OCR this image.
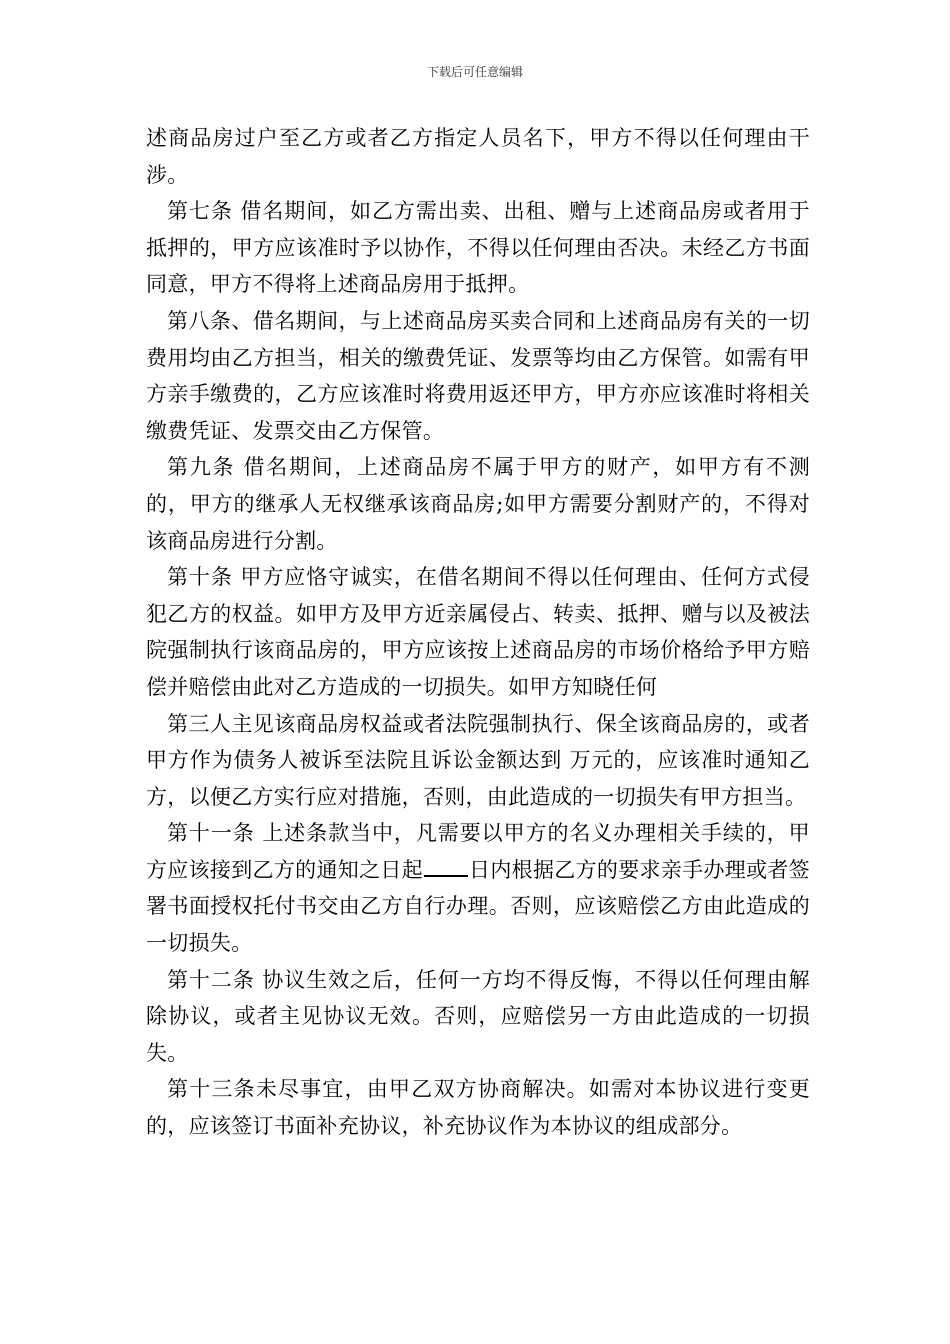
下载后可任意编辑

述商品房过户至乙方或者乙方指定人员名下，甲方不得以任何理由干涉。

第七条 借名期间，如乙方需出卖、出租、赠与上述商品房或者用于抵押的，甲方应该准时予以协作，不得以任何理由否决。未经乙方书面同意，甲方不得将上述商品房用于抵押。

第八条、借名期间，与上述商品房买卖合同和上述商品房有关的一切费用均由乙方担当，相关的缴费凭证、发票等均由乙方保管。如需有甲方亲手缴费的，乙方应该准时将费用返还甲方，甲方亦应该准时将相关缴费凭证、发票交由乙方保管。

第九条 借名期间，上述商品房不属于甲方的财产，如甲方有不测的，甲方的继承人无权继承该商品房;如甲方需要分割财产的，不得对该商品房进行分割。

第十条 甲方应恪守诚实，在借名期间不得以任何理由、任何方式侵犯乙方的权益。如甲方及甲方近亲属侵占、转卖、抵押、赠与以及被法院强制执行该商品房的，甲方应该按上述商品房的市场价格给予甲方赔偿并赔偿由此对乙方造成的一切损失。如甲方知晓任何

第三人主见该商品房权益或者法院强制执行、保全该商品房的，或者甲方作为债务人被诉至法院且诉讼金额达到 万元的，应该准时通知乙方，以便乙方实行应对措施，否则，由此造成的一切损失有甲方担当。

第十一条 上述条款当中，凡需要以甲方的名义办理相关手续的，甲方应该接到乙方的通知之日起 日内根据乙方的要求亲手办理或者签署书面授权托付书交由乙方自行办理。否则，应该赔偿乙方由此造成的一切损失。

第十二条 协议生效之后，任何一方均不得反悔，不得以任何理由解除协议，或者主见协议无效。否则，应赔偿另一方由此造成的一切损失。

第十三条未尽事宜，由甲乙双方协商解决。如需对本协议进行变更的，应该签订书面补充协议，补充协议作为本协议的组成部分。
